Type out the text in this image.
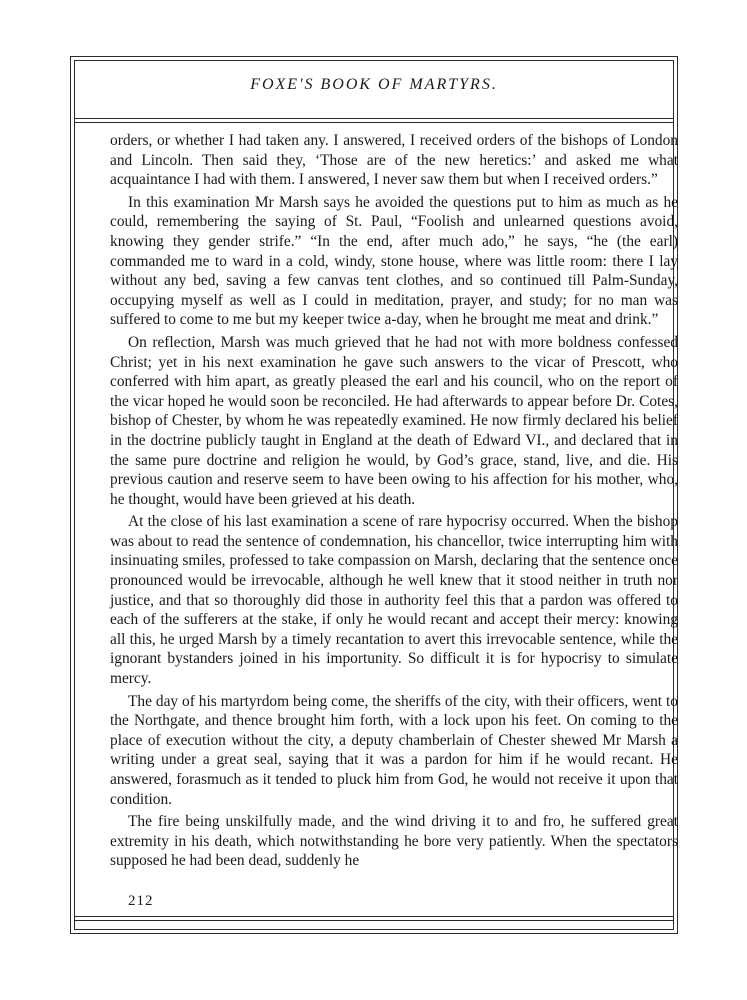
FOXE'S BOOK OF MARTYRS.

orders, or whether I had taken any. I answered, I received orders of the bishops of London and Lincoln. Then said they, ‘Those are of the new heretics:’ and asked me what acquaintance I had with them. I answered, I never saw them but when I received orders.”

In this examination Mr Marsh says he avoided the questions put to him as much as he could, remembering the saying of St. Paul, “Foolish and unlearned questions avoid, knowing they gender strife.” “In the end, after much ado,” he says, “he (the earl) commanded me to ward in a cold, windy, stone house, where was little room: there I lay without any bed, saving a few canvas tent clothes, and so continued till Palm-Sunday, occupying myself as well as I could in meditation, prayer, and study; for no man was suffered to come to me but my keeper twice a-day, when he brought me meat and drink.”

On reflection, Marsh was much grieved that he had not with more boldness confessed Christ; yet in his next examination he gave such answers to the vicar of Prescott, who conferred with him apart, as greatly pleased the earl and his council, who on the report of the vicar hoped he would soon be reconciled. He had afterwards to appear before Dr. Cotes, bishop of Chester, by whom he was repeatedly examined. He now firmly declared his belief in the doctrine publicly taught in England at the death of Edward VI., and declared that in the same pure doctrine and religion he would, by God’s grace, stand, live, and die. His previous caution and reserve seem to have been owing to his affection for his mother, who, he thought, would have been grieved at his death.

At the close of his last examination a scene of rare hypocrisy occurred. When the bishop was about to read the sentence of condemnation, his chancellor, twice interrupting him with insinuating smiles, professed to take compassion on Marsh, declaring that the sentence once pronounced would be irrevocable, although he well knew that it stood neither in truth nor justice, and that so thoroughly did those in authority feel this that a pardon was offered to each of the sufferers at the stake, if only he would recant and accept their mercy: knowing all this, he urged Marsh by a timely recantation to avert this irrevocable sentence, while the ignorant bystanders joined in his importunity. So difficult it is for hypocrisy to simulate mercy.

The day of his martyrdom being come, the sheriffs of the city, with their officers, went to the Northgate, and thence brought him forth, with a lock upon his feet. On coming to the place of execution without the city, a deputy chamberlain of Chester shewed Mr Marsh a writing under a great seal, saying that it was a pardon for him if he would recant. He answered, forasmuch as it tended to pluck him from God, he would not receive it upon that condition.

The fire being unskilfully made, and the wind driving it to and fro, he suffered great extremity in his death, which notwithstanding he bore very patiently. When the spectators supposed he had been dead, suddenly he

212
